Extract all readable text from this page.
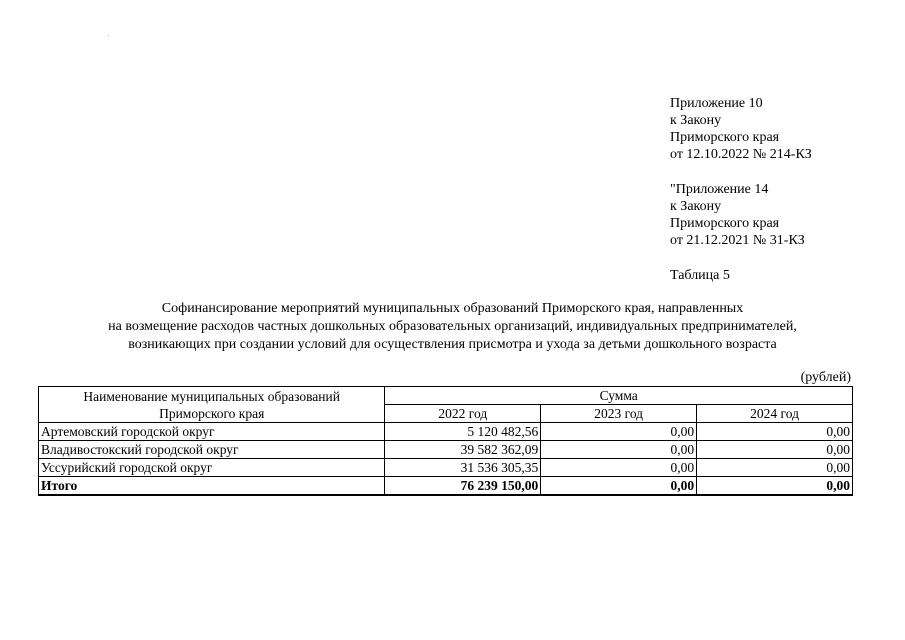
Приложение 10
к Закону
Приморского края
от 12.10.2022 № 214-КЗ
"Приложение 14
к Закону
Приморского края
от 21.12.2021 № 31-КЗ
Таблица 5
Софинансирование мероприятий муниципальных образований Приморского края, направленных
на возмещение расходов частных дошкольных образовательных организаций, индивидуальных предпринимателей,
возникающих при создании условий для осуществления присмотра и ухода за детьми дошкольного возраста
(рублей)
Наименование муниципальных образований Приморского края	Сумма		
	2022 год	2023 год	2024 год
Артемовский городской округ	5 120 482,56	0,00	0,00
Владивостокский городской округ	39 582 362,09	0,00	0,00
Уссурийский городской округ	31 536 305,35	0,00	0,00
Итого	76 239 150,00	0,00	0,00
